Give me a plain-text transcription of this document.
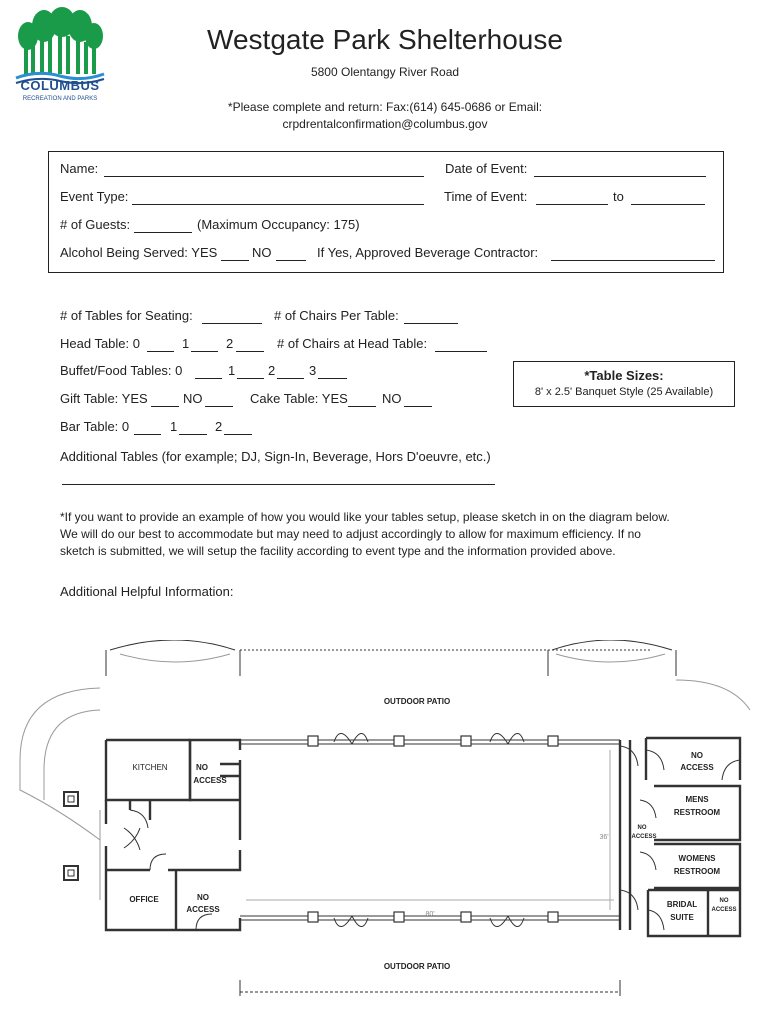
COLUMBUS
RECREATION AND PARKS
Westgate Park Shelterhouse
5800 Olentangy River Road
*Please complete and return: Fax:(614) 645-0686 or Email:
crpdrentalconfirmation@columbus.gov
Name:	Date of Event:
Event Type:	Time of Event:	to
# of Guests:	(Maximum Occupancy: 175)
Alcohol Being Served: YES	NO	If Yes, Approved Beverage Contractor:
# of Tables for Seating:	# of Chairs Per Table:
Head Table: 0	1	2	# of Chairs at Head Table:
Buffet/Food Tables: 0	1	2	3	*Table Sizes:
8' x 2.5' Banquet Style (25 Available)
Gift Table: YES	NO	Cake Table: YES	NO
Bar Table: 0	1	2
Additional Tables (for example; DJ, Sign-In, Beverage, Hors D'oeuvre, etc.)
*If you want to provide an example of how you would like your tables setup, please sketch in on the diagram below.
We will do our best to accommodate but may need to adjust accordingly to allow for maximum efficiency. If no
sketch is submitted, we will setup the facility according to event type and the information provided above.
Additional Helpful Information:
OUTDOOR PATIO
OUTDOOR PATIO
KITCHEN	NO
ACCESS
OFFICE	NO
ACCESS
NO
ACCESS
MENS
RESTROOM
NO
ACCESS
WOMENS
RESTROOM
BRIDAL
SUITE
NO
ACCESS
80'
36'
